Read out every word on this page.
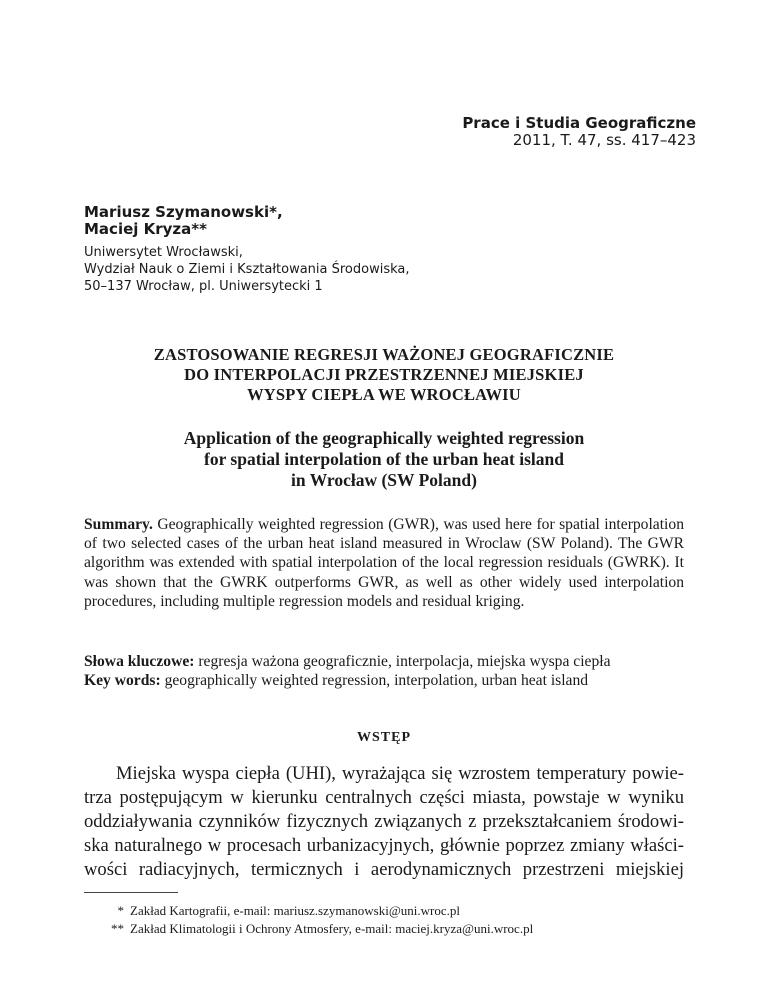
Prace i Studia Geograficzne
2011, T. 47, ss. 417–423
Mariusz Szymanowski*,
Maciej Kryza**
Uniwersytet Wrocławski,
Wydział Nauk o Ziemi i Kształtowania Środowiska,
50–137 Wrocław, pl. Uniwersytecki 1
ZASTOSOWANIE REGRESJI WAŻONEJ GEOGRAFICZNIE
DO INTERPOLACJI PRZESTRZENNEJ MIEJSKIEJ
WYSPY CIEPŁA WE WROCŁAWIU
Application of the geographically weighted regression
for spatial interpolation of the urban heat island
in Wrocław (SW Poland)
Summary. Geographically weighted regression (GWR), was used here for spatial interpolation of two selected cases of the urban heat island measured in Wroclaw (SW Poland). The GWR algorithm was extended with spatial interpolation of the local regression residuals (GWRK). It was shown that the GWRK outperforms GWR, as well as other widely used interpolation procedures, including multiple regression models and residual kriging.
Słowa kluczowe: regresja ważona geograficznie, interpolacja, miejska wyspa ciepła
Key words: geographically weighted regression, interpolation, urban heat island
WSTĘP
Miejska wyspa ciepła (UHI), wyrażająca się wzrostem temperatury powie-
trza postępującym w kierunku centralnych części miasta, powstaje w wyniku
oddziaływania czynników fizycznych związanych z przekształcaniem środowi-
ska naturalnego w procesach urbanizacyjnych, głównie poprzez zmiany właści-
wości radiacyjnych, termicznych i aerodynamicznych przestrzeni miejskiej
* Zakład Kartografii, e-mail: mariusz.szymanowski@uni.wroc.pl
** Zakład Klimatologii i Ochrony Atmosfery, e-mail: maciej.kryza@uni.wroc.pl
